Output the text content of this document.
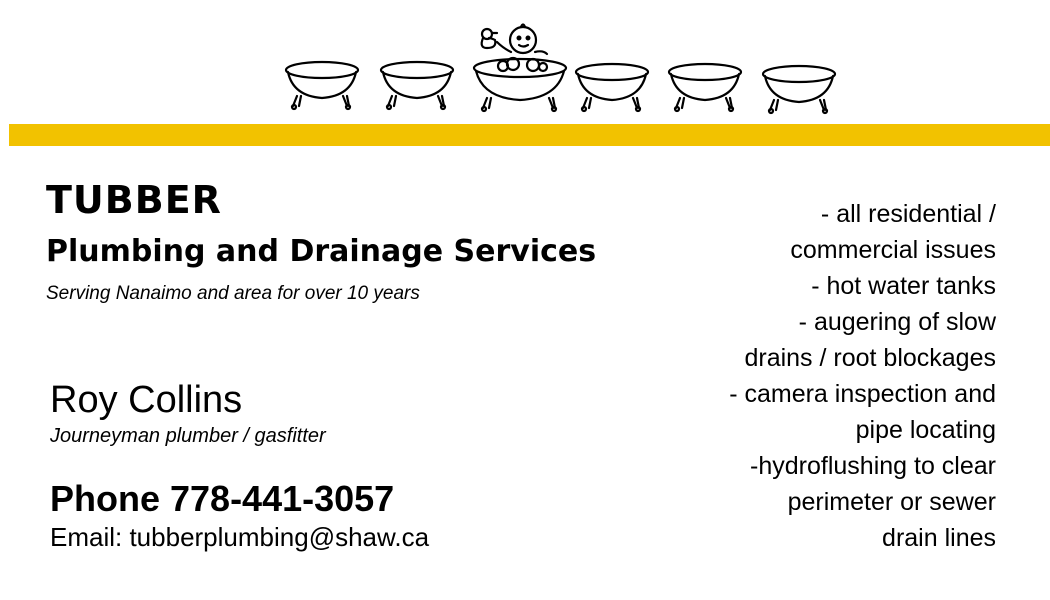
TUBBER
Plumbing and Drainage Services

Serving Nanaimo and area for over 10 years

Roy Collins

Journeyman plumber / gasfitter

Phone 778-441-3057

Email: tubberplumbing@shaw.ca

- all residential /
commercial issues
- hot water tanks
- augering of slow
drains / root blockages
- camera inspection and
pipe locating
-hydroflushing to clear
perimeter or sewer
drain lines
